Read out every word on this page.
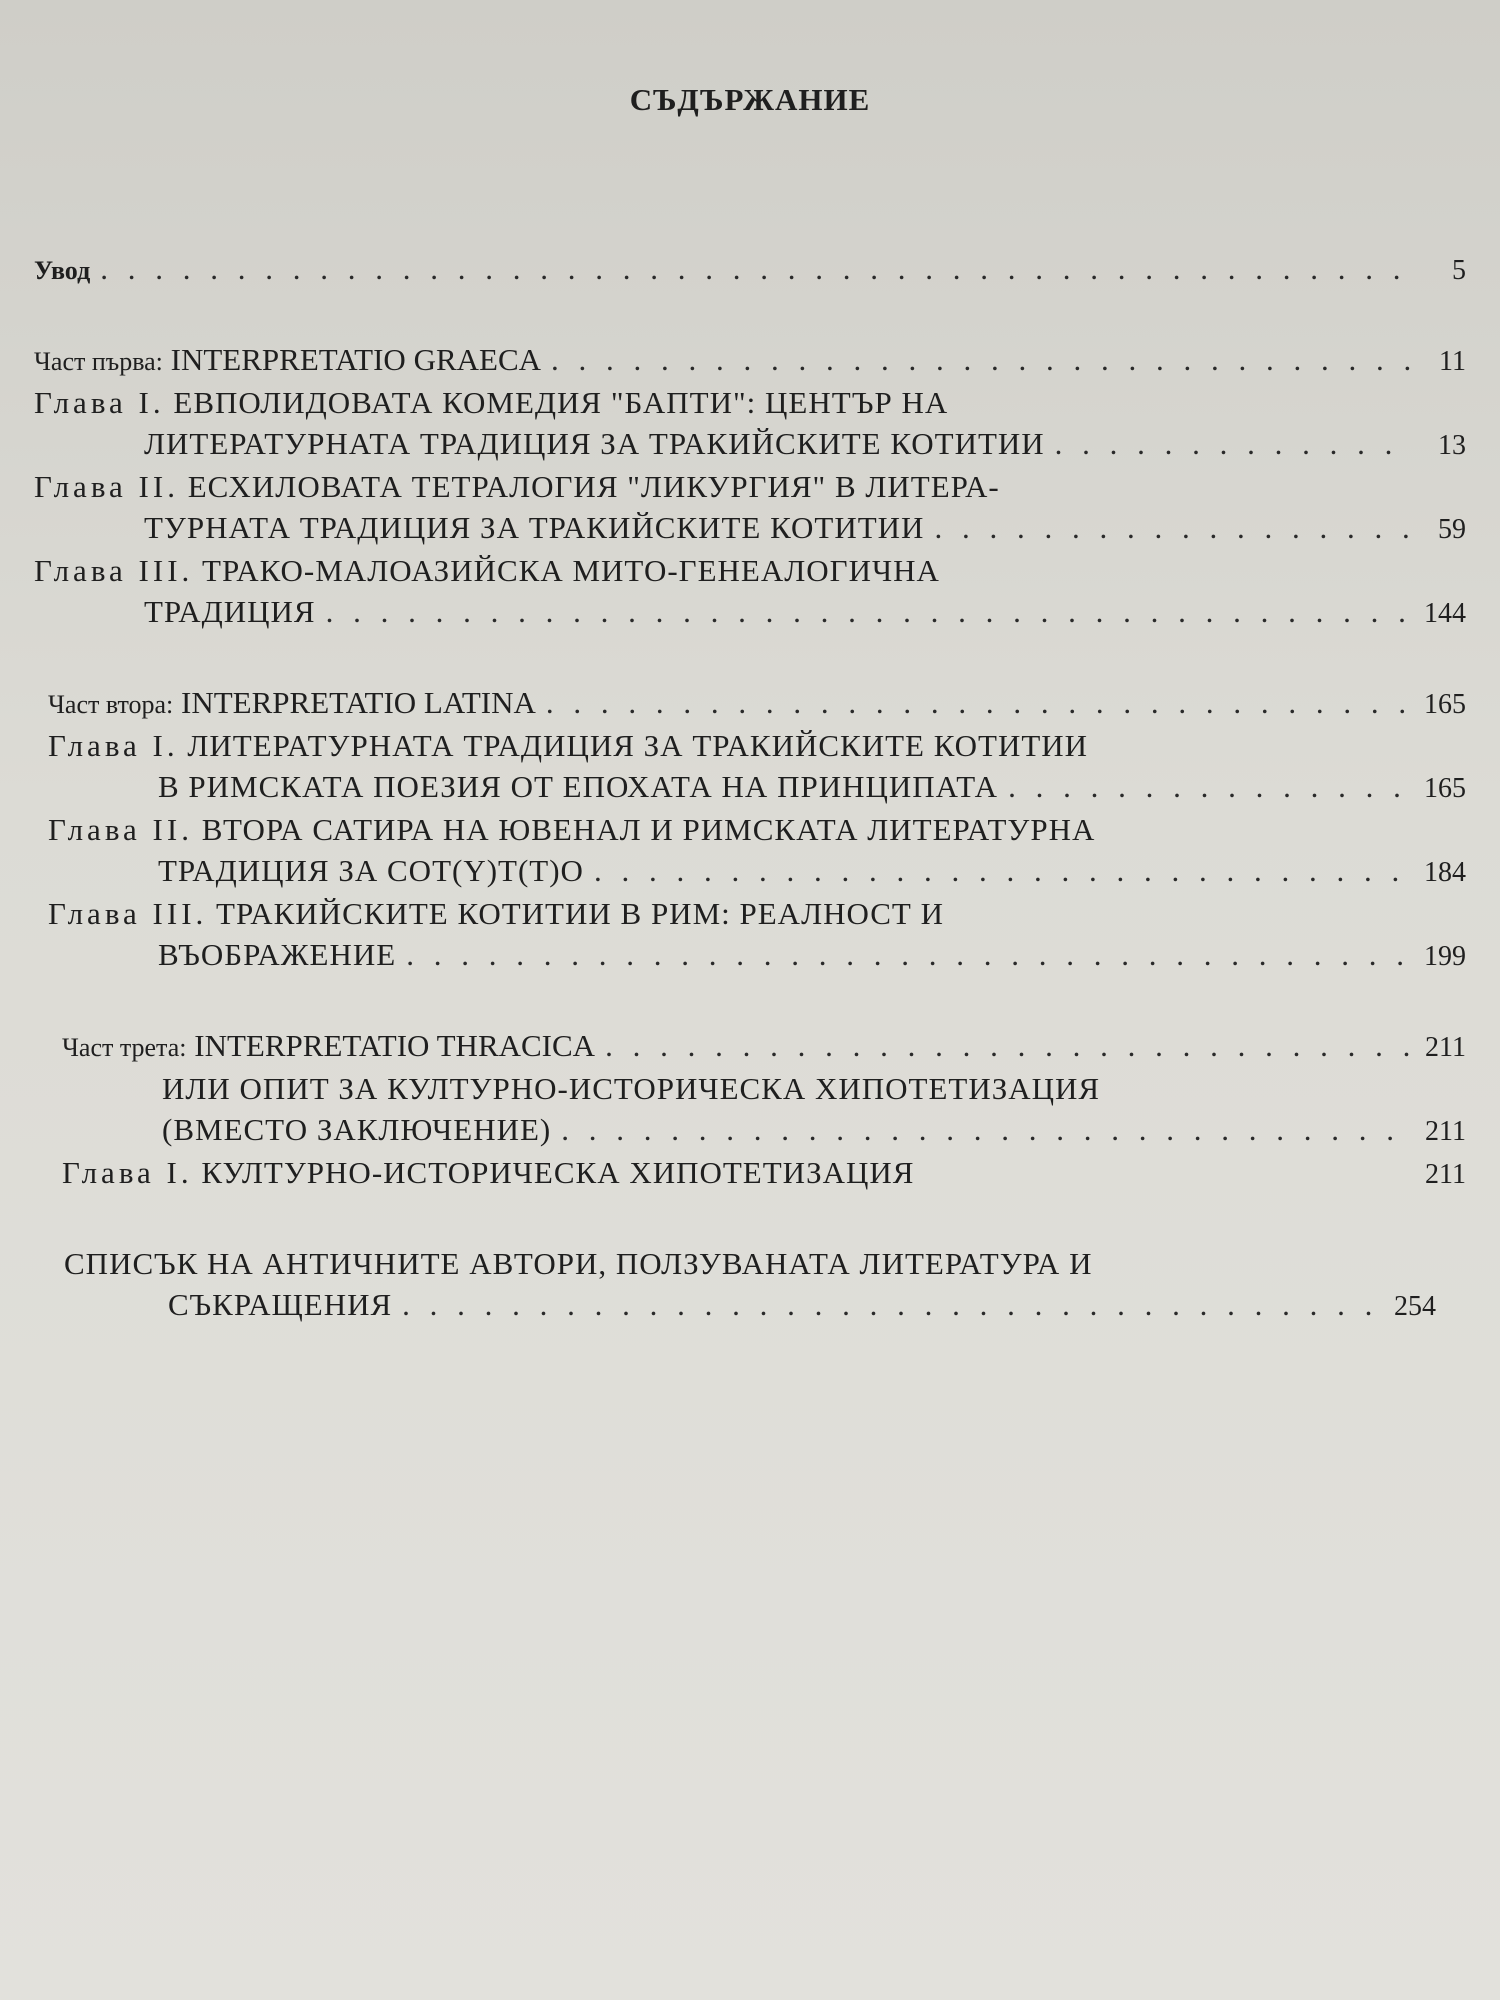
СЪДЪРЖАНИЕ
Увод . . .	5
Част първа: INTERPRETATIO GRAECA . . .	11
Глава I. ЕВПОЛИДОВАТА КОМЕДИЯ "БАПТИ": ЦЕНТЪР НА
ЛИТЕРАТУРНАТА ТРАДИЦИЯ ЗА ТРАКИЙСКИТЕ КОТИТИИ . . .	13
Глава II. ЕСХИЛОВАТА ТЕТРАЛОГИЯ "ЛИКУРГИЯ" В ЛИТЕРА-
ТУРНАТА ТРАДИЦИЯ ЗА ТРАКИЙСКИТЕ КОТИТИИ . . .	59
Глава III. ТРАКО-МАЛОАЗИЙСКА МИТО-ГЕНЕАЛОГИЧНА
ТРАДИЦИЯ . . .	144
Част втора: INTERPRETATIO LATINA . . .	165
Глава I. ЛИТЕРАТУРНАТА ТРАДИЦИЯ ЗА ТРАКИЙСКИТЕ КОТИТИИ
В РИМСКАТА ПОЕЗИЯ ОТ ЕПОХАТА НА ПРИНЦИПАТА . . .	165
Глава II. ВТОРА САТИРА НА ЮВЕНАЛ И РИМСКАТА ЛИТЕРАТУРНА
ТРАДИЦИЯ ЗА COT(Y)T(T)O . . .	184
Глава III. ТРАКИЙСКИТЕ КОТИТИИ В РИМ: РЕАЛНОСТ И
ВЪОБРАЖЕНИЕ . . .	199
Част трета: INTERPRETATIO THRACICA . . .	211
ИЛИ ОПИТ ЗА КУЛТУРНО-ИСТОРИЧЕСКА ХИПОТЕТИЗАЦИЯ
(ВМЕСТО ЗАКЛЮЧЕНИЕ) . . .	211
Глава I. КУЛТУРНО-ИСТОРИЧЕСКА ХИПОТЕТИЗАЦИЯ	211
СПИСЪК НА АНТИЧНИТЕ АВТОРИ, ПОЛЗУВАНАТА ЛИТЕРАТУРА И
СЪКРАЩЕНИЯ . . .	254
